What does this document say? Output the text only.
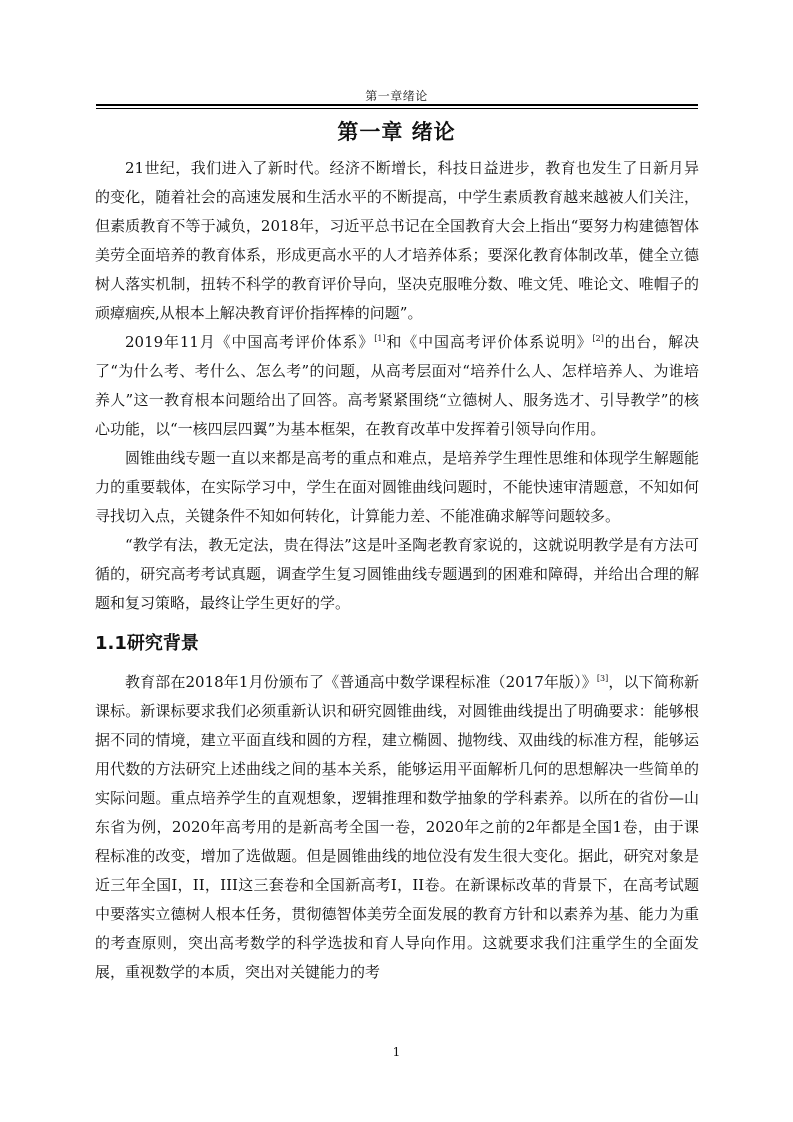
第一章绪论
第一章 绪论

21世纪，我们进入了新时代。经济不断增长，科技日益进步，教育也发生了日新月异的变化，随着社会的高速发展和生活水平的不断提高，中学生素质教育越来越被人们关注，但素质教育不等于减负，2018年，习近平总书记在全国教育大会上指出“要努力构建德智体美劳全面培养的教育体系，形成更高水平的人才培养体系；要深化教育体制改革，健全立德树人落实机制，扭转不科学的教育评价导向，坚决克服唯分数、唯文凭、唯论文、唯帽子的顽瘴痼疾,从根本上解决教育评价指挥棒的问题”。

2019年11月《中国高考评价体系》[1]和《中国高考评价体系说明》[2]的出台，解决了“为什么考、考什么、怎么考”的问题，从高考层面对“培养什么人、怎样培养人、为谁培养人”这一教育根本问题给出了回答。高考紧紧围绕“立德树人、服务选才、引导教学”的核心功能，以“一核四层四翼”为基本框架，在教育改革中发挥着引领导向作用。

圆锥曲线专题一直以来都是高考的重点和难点，是培养学生理性思维和体现学生解题能力的重要载体，在实际学习中，学生在面对圆锥曲线问题时，不能快速审清题意，不知如何寻找切入点，关键条件不知如何转化，计算能力差、不能准确求解等问题较多。

“教学有法，教无定法，贵在得法”这是叶圣陶老教育家说的，这就说明教学是有方法可循的，研究高考考试真题，调查学生复习圆锥曲线专题遇到的困难和障碍，并给出合理的解题和复习策略，最终让学生更好的学。

1.1研究背景

教育部在2018年1月份颁布了《普通高中数学课程标准（2017年版）》[3]，以下简称新课标。新课标要求我们必须重新认识和研究圆锥曲线，对圆锥曲线提出了明确要求：能够根据不同的情境，建立平面直线和圆的方程，建立椭圆、抛物线、双曲线的标准方程，能够运用代数的方法研究上述曲线之间的基本关系，能够运用平面解析几何的思想解决一些简单的实际问题。重点培养学生的直观想象，逻辑推理和数学抽象的学科素养。以所在的省份—山东省为例，2020年高考用的是新高考全国一卷，2020年之前的2年都是全国1卷，由于课程标准的改变，增加了选做题。但是圆锥曲线的地位没有发生很大变化。据此，研究对象是近三年全国I，II，III这三套卷和全国新高考I，II卷。在新课标改革的背景下，在高考试题中要落实立德树人根本任务，贯彻德智体美劳全面发展的教育方针和以素养为基、能力为重的考查原则，突出高考数学的科学选拔和育人导向作用。这就要求我们注重学生的全面发展，重视数学的本质，突出对关键能力的考

1
